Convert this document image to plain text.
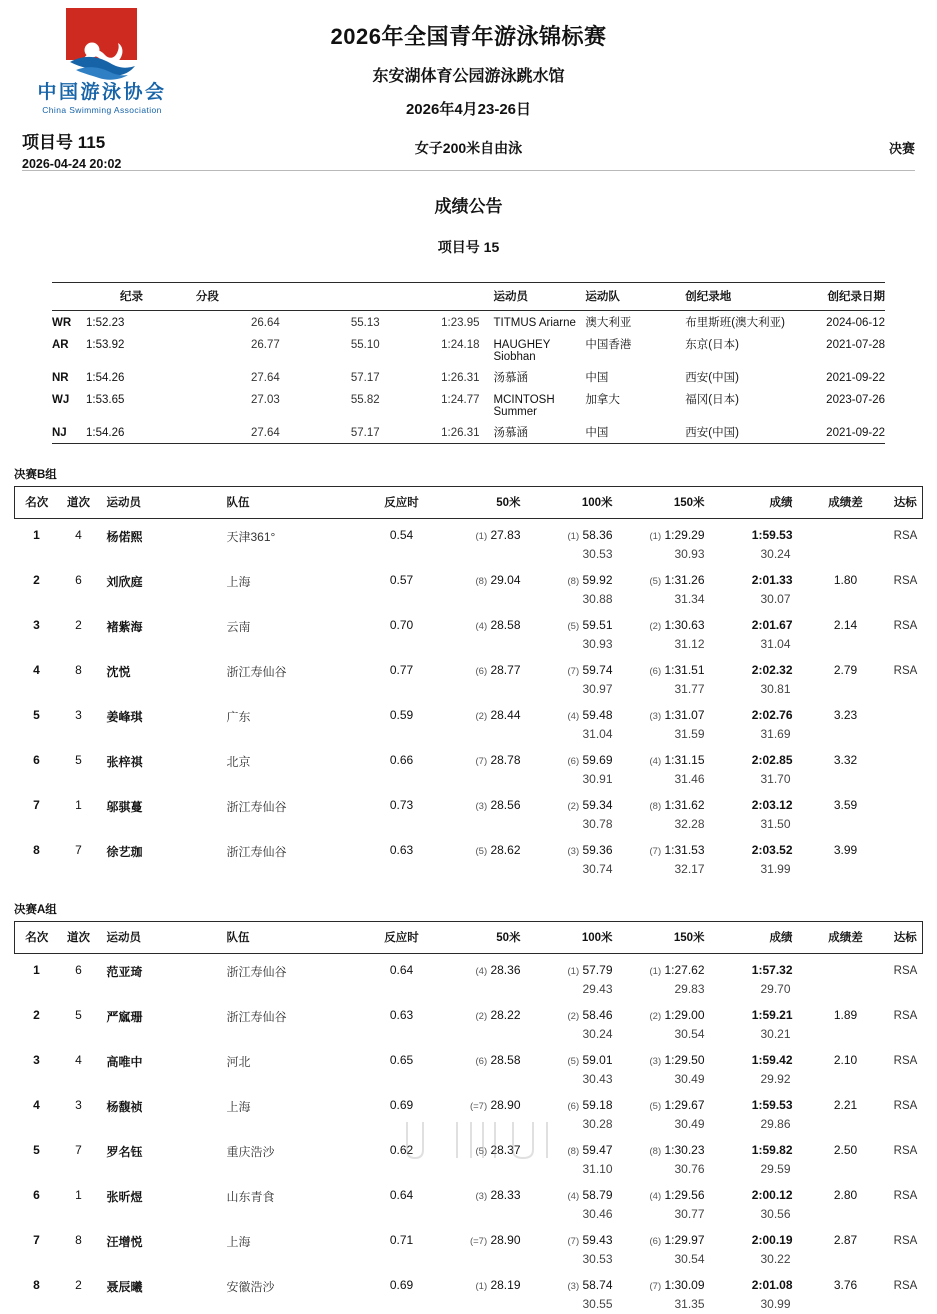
中国游泳协会
China Swimming Association
2026年全国青年游泳锦标赛
东安湖体育公园游泳跳水馆
2026年4月23-26日
项目号 115
2026-04-24 20:02
女子200米自由泳	决赛
成绩公告
项目号 15
	纪录	分段			运动员	运动队	创纪录地	创纪录日期
WR	1:52.23	26.64	55.13	1:23.95	TITMUS Ariarne	澳大利亚	布里斯班(澳大利亚)	2024-06-12
AR	1:53.92	26.77	55.10	1:24.18	HAUGHEY Siobhan	中国香港	东京(日本)	2021-07-28
NR	1:54.26	27.64	57.17	1:26.31	汤慕涵	中国	西安(中国)	2021-09-22
WJ	1:53.65	27.03	55.82	1:24.77	MCINTOSH Summer	加拿大	福冈(日本)	2023-07-26
NJ	1:54.26	27.64	57.17	1:26.31	汤慕涵	中国	西安(中国)	2021-09-22
决赛B组
名次	道次	运动员	队伍	反应时	50米	100米	150米	成绩	成绩差	达标
1	4	杨偌熙	天津361°	0.54	(1) 27.83	(1) 58.36	(1) 1:29.29	1:59.53		RSA
						30.53	30.93	30.24		
2	6	刘欣庭	上海	0.57	(8) 29.04	(8) 59.92	(5) 1:31.26	2:01.33	1.80	RSA
						30.88	31.34	30.07		
3	2	褚紫海	云南	0.70	(4) 28.58	(5) 59.51	(2) 1:30.63	2:01.67	2.14	RSA
						30.93	31.12	31.04		
4	8	沈悦	浙江寿仙谷	0.77	(6) 28.77	(7) 59.74	(6) 1:31.51	2:02.32	2.79	RSA
						30.97	31.77	30.81		
5	3	姜峰琪	广东	0.59	(2) 28.44	(4) 59.48	(3) 1:31.07	2:02.76	3.23	
						31.04	31.59	31.69		
6	5	张梓祺	北京	0.66	(7) 28.78	(6) 59.69	(4) 1:31.15	2:02.85	3.32	
						30.91	31.46	31.70		
7	1	邬骐蔓	浙江寿仙谷	0.73	(3) 28.56	(2) 59.34	(8) 1:31.62	2:03.12	3.59	
						30.78	32.28	31.50		
8	7	徐艺珈	浙江寿仙谷	0.63	(5) 28.62	(3) 59.36	(7) 1:31.53	2:03.52	3.99	
						30.74	32.17	31.99		
决赛A组
名次	道次	运动员	队伍	反应时	50米	100米	150米	成绩	成绩差	达标
1	6	范亚琦	浙江寿仙谷	0.64	(4) 28.36	(1) 57.79	(1) 1:27.62	1:57.32		RSA
						29.43	29.83	29.70		
2	5	严寙珊	浙江寿仙谷	0.63	(2) 28.22	(2) 58.46	(2) 1:29.00	1:59.21	1.89	RSA
						30.24	30.54	30.21		
3	4	高唯中	河北	0.65	(6) 28.58	(5) 59.01	(3) 1:29.50	1:59.42	2.10	RSA
						30.43	30.49	29.92		
4	3	杨馥祯	上海	0.69	(=7) 28.90	(6) 59.18	(5) 1:29.67	1:59.53	2.21	RSA
						30.28	30.49	29.86		
5	7	罗名钰	重庆浩沙	0.62	(5) 28.37	(8) 59.47	(8) 1:30.23	1:59.82	2.50	RSA
						31.10	30.76	29.59		
6	1	张昕煜	山东青食	0.64	(3) 28.33	(4) 58.79	(4) 1:29.56	2:00.12	2.80	RSA
						30.46	30.77	30.56		
7	8	汪增悦	上海	0.71	(=7) 28.90	(7) 59.43	(6) 1:29.97	2:00.19	2.87	RSA
						30.53	30.54	30.22		
8	2	聂辰曦	安徽浩沙	0.69	(1) 28.19	(3) 58.74	(7) 1:30.09	2:01.08	3.76	RSA
						30.55	31.35	30.99		
